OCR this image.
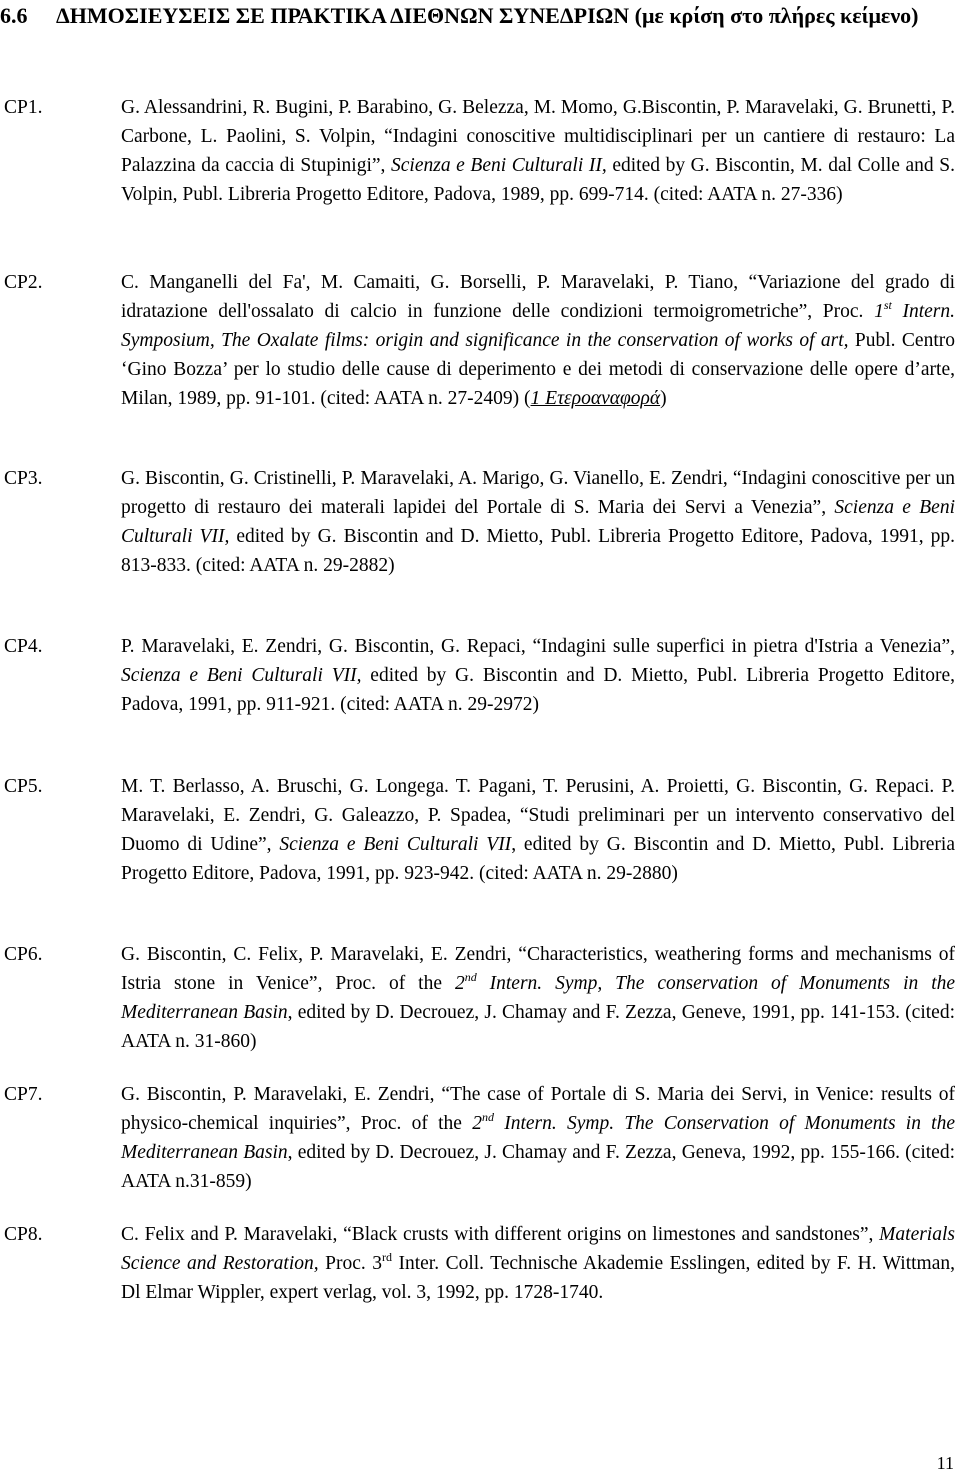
6.6	ΔΗΜΟΣΙΕΥΣΕΙΣ ΣΕ ΠΡΑΚΤΙΚΑ ΔΙΕΘΝΩΝ ΣΥΝΕΔΡΙΩΝ (με κρίση στο πλήρες κείμενο)
CP1.	G. Alessandrini, R. Bugini, P. Barabino, G. Belezza, M. Momo, G.Biscontin, P. Maravelaki, G. Brunetti, P. Carbone, L. Paolini, S. Volpin, “Indagini conoscitive multidisciplinari per un cantiere di restauro: La Palazzina da caccia di Stupinigi”, Scienza e Beni Culturali II, edited by G. Biscontin, M. dal Colle and S. Volpin, Publ. Libreria Progetto Editore, Padova, 1989, pp. 699-714. (cited: AATA n. 27-336)
CP2.	C. Manganelli del Fa', M. Camaiti, G. Borselli, P. Maravelaki, P. Tiano, “Variazione del grado di idratazione dell'ossalato di calcio in funzione delle condizioni termoigrometriche”, Proc. 1st Intern. Symposium, The Oxalate films: origin and significance in the conservation of works of art, Publ. Centro ‘Gino Bozza’ per lo studio delle cause di deperimento e dei metodi di conservazione delle opere d’arte, Milan, 1989, pp. 91-101. (cited: AATA n. 27-2409) (1 Ετεροαναφορά)
CP3.	G. Biscontin, G. Cristinelli, P. Maravelaki, A. Marigo, G. Vianello, E. Zendri, “Indagini conoscitive per un progetto di restauro dei materali lapidei del Portale di S. Maria dei Servi a Venezia”, Scienza e Beni Culturali VII, edited by G. Biscontin and D. Mietto, Publ. Libreria Progetto Editore, Padova, 1991, pp. 813-833. (cited: AATA n. 29-2882)
CP4.	P. Maravelaki, E. Zendri, G. Biscontin, G. Repaci, “Indagini sulle superfici in pietra d'Istria a Venezia”, Scienza e Beni Culturali VII, edited by G. Biscontin and D. Mietto, Publ. Libreria Progetto Editore, Padova, 1991, pp. 911-921. (cited: AATA n. 29-2972)
CP5.	M. T. Berlasso, A. Bruschi, G. Longega. T. Pagani, T. Perusini, A. Proietti, G. Biscontin, G. Repaci. P. Maravelaki, E. Zendri, G. Galeazzo, P. Spadea, “Studi preliminari per un intervento conservativo del Duomo di Udine”, Scienza e Beni Culturali VII, edited by G. Biscontin and D. Mietto, Publ. Libreria Progetto Editore, Padova, 1991, pp. 923-942. (cited: AATA n. 29-2880)
CP6.	G. Biscontin, C. Felix, P. Maravelaki, E. Zendri, “Characteristics, weathering forms and mechanisms of Istria stone in Venice”, Proc. of the 2nd Intern. Symp, The conservation of Monuments in the Mediterranean Basin, edited by D. Decrouez, J. Chamay and F. Zezza, Geneve, 1991, pp. 141-153. (cited: AATA n. 31-860)
CP7.	G. Biscontin, P. Maravelaki, E. Zendri, “The case of Portale di S. Maria dei Servi, in Venice: results of physico-chemical inquiries”, Proc. of the 2nd Intern. Symp. The Conservation of Monuments in the Mediterranean Basin, edited by D. Decrouez, J. Chamay and F. Zezza, Geneva, 1992, pp. 155-166. (cited: AATA n.31-859)
CP8.	C. Felix and P. Maravelaki, “Black crusts with different origins on limestones and sandstones”, Materials Science and Restoration, Proc. 3rd Inter. Coll. Technische Akademie Esslingen, edited by F. H. Wittman, Dl Elmar Wippler, expert verlag, vol. 3, 1992, pp. 1728-1740.
11
